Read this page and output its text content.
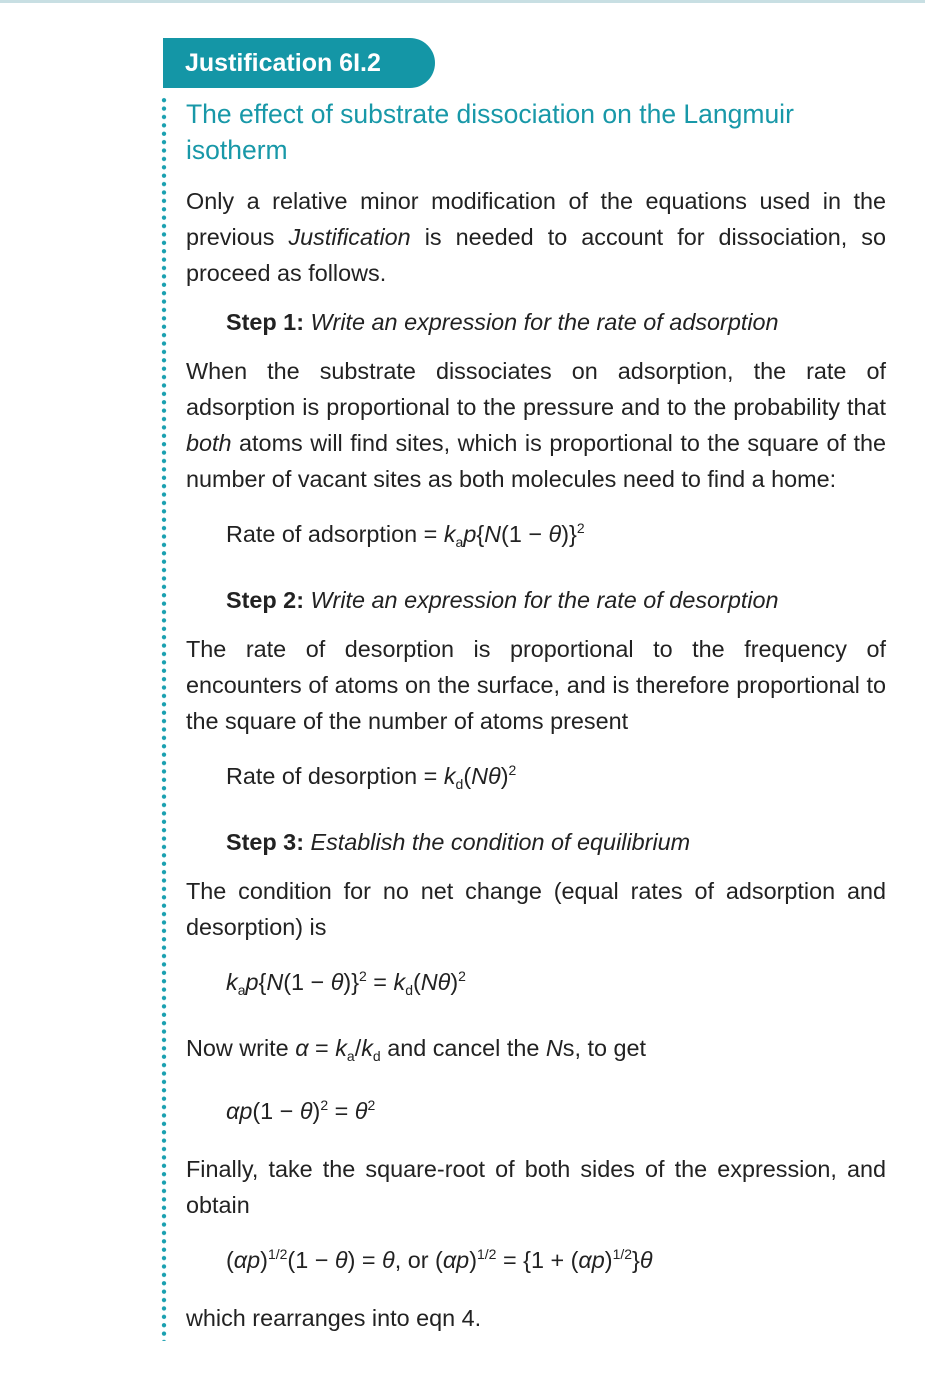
Justification 6I.2
The effect of substrate dissociation on the Langmuir isotherm

Only a relative minor modification of the equations used in the previous Justification is needed to account for dissociation, so proceed as follows.

Step 1: Write an expression for the rate of adsorption

When the substrate dissociates on adsorption, the rate of adsorption is proportional to the pressure and to the probability that both atoms will find sites, which is proportional to the square of the number of vacant sites as both molecules need to find a home:

Rate of adsorption = $k_ap\{N(1 - \theta)\}^2$

Step 2: Write an expression for the rate of desorption

The rate of desorption is proportional to the frequency of encounters of atoms on the surface, and is therefore proportional to the square of the number of atoms present

Rate of desorption = $k_d(N\theta)^2$

Step 3: Establish the condition of equilibrium

The condition for no net change (equal rates of adsorption and desorption) is

$k_ap\{N(1 - \theta)\}^2 = k_d(N\theta)^2$

Now write $\alpha = k_a/k_d$ and cancel the Ns, to get

$\alpha p(1 - \theta)^2 = \theta^2$

Finally, take the square-root of both sides of the expression, and obtain

$(\alpha p)^{1/2}(1 - \theta) = \theta$, or $(\alpha p)^{1/2} = \{1 + (\alpha p)^{1/2}\}\theta$

which rearranges into eqn 4.
